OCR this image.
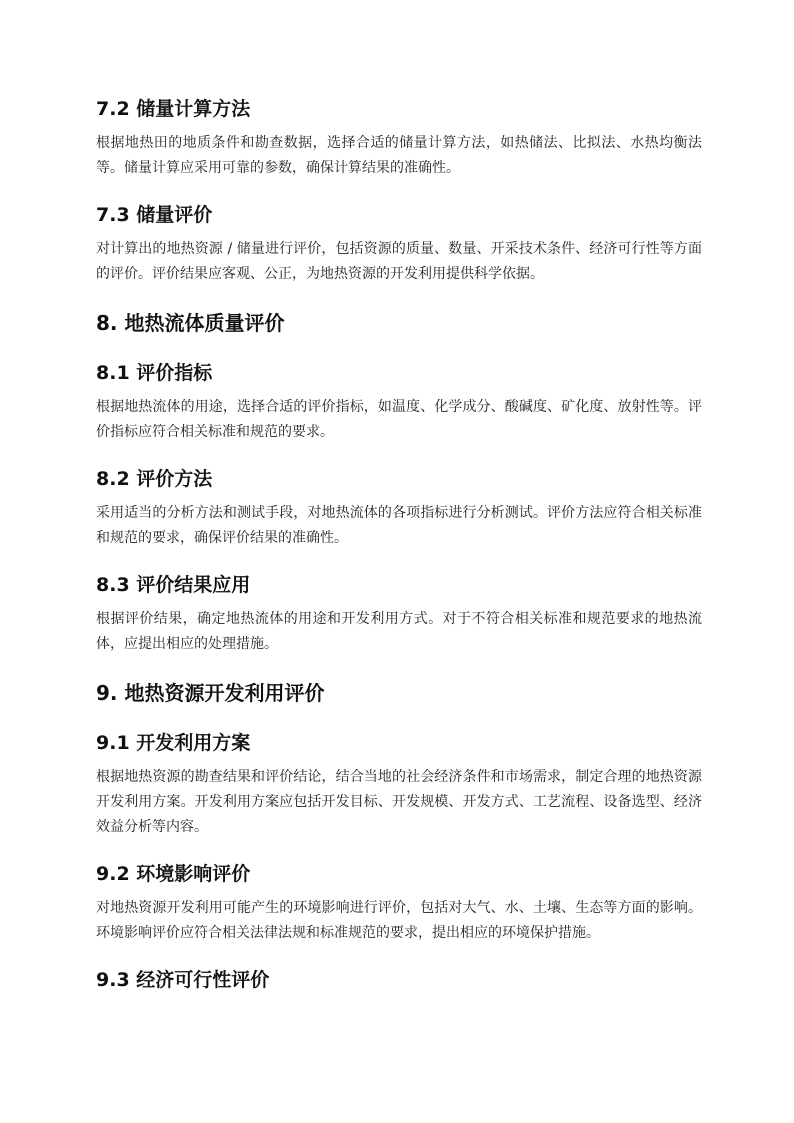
7.2 储量计算方法

根据地热田的地质条件和勘查数据，选择合适的储量计算方法，如热储法、比拟法、水热均衡法等。储量计算应采用可靠的参数，确保计算结果的准确性。

7.3 储量评价

对计算出的地热资源 / 储量进行评价，包括资源的质量、数量、开采技术条件、经济可行性等方面的评价。评价结果应客观、公正，为地热资源的开发利用提供科学依据。

8. 地热流体质量评价
8.1 评价指标

根据地热流体的用途，选择合适的评价指标，如温度、化学成分、酸碱度、矿化度、放射性等。评价指标应符合相关标准和规范的要求。

8.2 评价方法

采用适当的分析方法和测试手段，对地热流体的各项指标进行分析测试。评价方法应符合相关标准和规范的要求，确保评价结果的准确性。

8.3 评价结果应用

根据评价结果，确定地热流体的用途和开发利用方式。对于不符合相关标准和规范要求的地热流体，应提出相应的处理措施。

9. 地热资源开发利用评价
9.1 开发利用方案

根据地热资源的勘查结果和评价结论，结合当地的社会经济条件和市场需求，制定合理的地热资源开发利用方案。开发利用方案应包括开发目标、开发规模、开发方式、工艺流程、设备选型、经济效益分析等内容。

9.2 环境影响评价

对地热资源开发利用可能产生的环境影响进行评价，包括对大气、水、土壤、生态等方面的影响。环境影响评价应符合相关法律法规和标准规范的要求，提出相应的环境保护措施。

9.3 经济可行性评价
